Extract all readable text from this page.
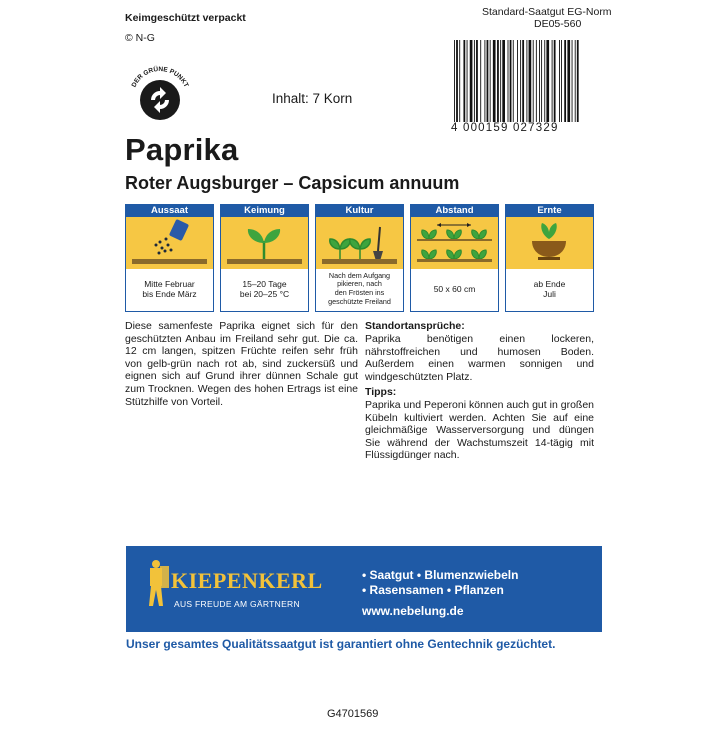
Keimgeschützt verpackt
© N-G
Standard-Saatgut EG-Norm
DE05-560
DER GRÜNE PUNKT
Inhalt: 7 Korn
4 000159 027329
Paprika
Roter Augsburger – Capsicum annuum
Aussaat
Mitte Februar
bis Ende März
Keimung
15–20 Tage
bei 20–25 °C
Kultur
Nach dem Aufgang
pikieren, nach
den Frösten ins
geschützte Freiland
Abstand
50 x 60 cm
Ernte
ab Ende
Juli
Diese samenfeste Paprika eignet sich für den geschützten Anbau im Freiland sehr gut. Die ca. 12 cm langen, spitzen Früchte reifen sehr früh von gelb-grün nach rot ab, sind zuckersüß und eignen sich auf Grund ihrer dünnen Schale gut zum Trocknen. Wegen des hohen Ertrags ist eine Stützhilfe von Vorteil.
Standortansprüche:
Paprika benötigen einen lockeren, nährstoffreichen und humosen Boden. Außerdem einen warmen sonnigen und windgeschützten Platz.
Tipps:
Paprika und Peperoni können auch gut in großen Kübeln kultiviert werden. Achten Sie auf eine gleichmäßige Wasserversorgung und düngen Sie während der Wachstumszeit 14-tägig mit Flüssigdünger nach.
KIEPENKERL
AUS FREUDE AM GÄRTNERN
• Saatgut • Blumenzwiebeln
• Rasensamen • Pflanzen
www.nebelung.de
Unser gesamtes Qualitätssaatgut ist garantiert ohne Gentechnik gezüchtet.
G4701569
